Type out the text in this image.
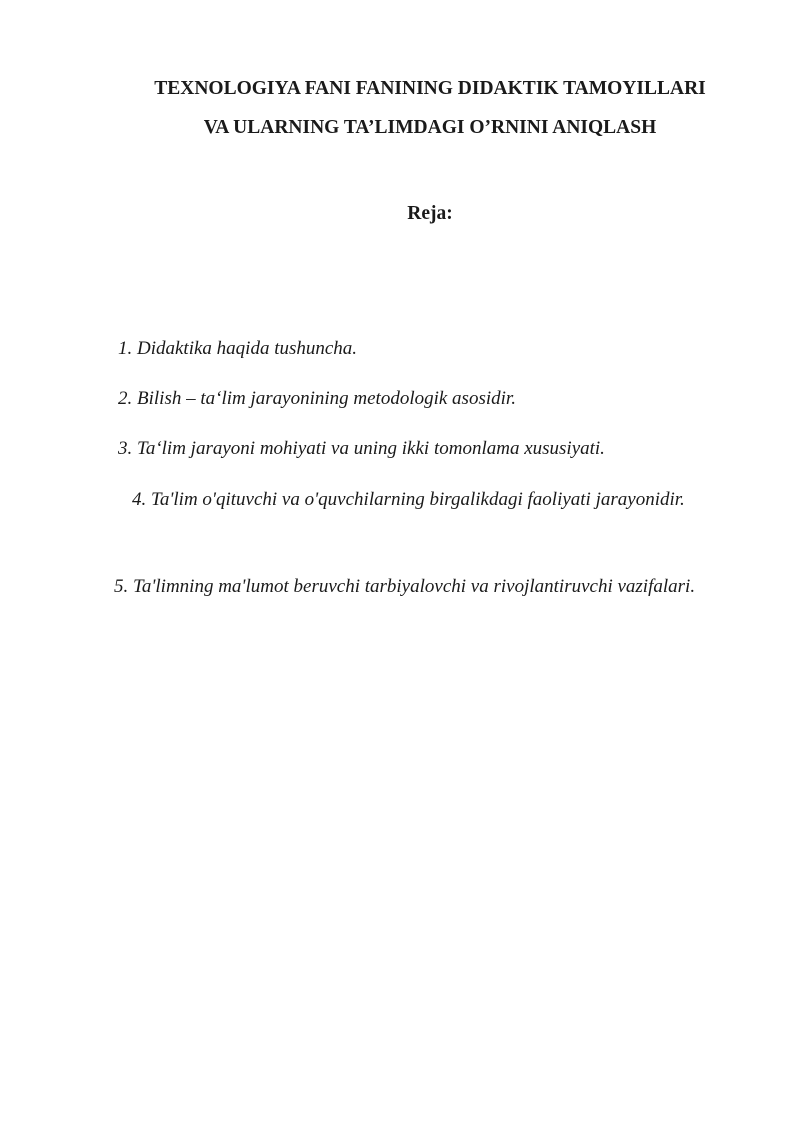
TEXNOLOGIYA FANI FANINING DIDAKTIK TAMOYILLARI

VA ULARNING TA’LIMDAGI O’RNINI ANIQLASH

Reja:

1. Didaktika haqida tushuncha.

2. Bilish – ta‘lim jarayonining metodologik asosidir.

3. Ta‘lim jarayoni mohiyati va uning ikki tomonlama xususiyati.

4. Ta'lim o'qituvchi va o'quvchilarning birgalikdagi faoliyati jarayonidir.

5. Ta'limning ma'lumot beruvchi tarbiyalovchi va rivojlantiruvchi vazifalari.
